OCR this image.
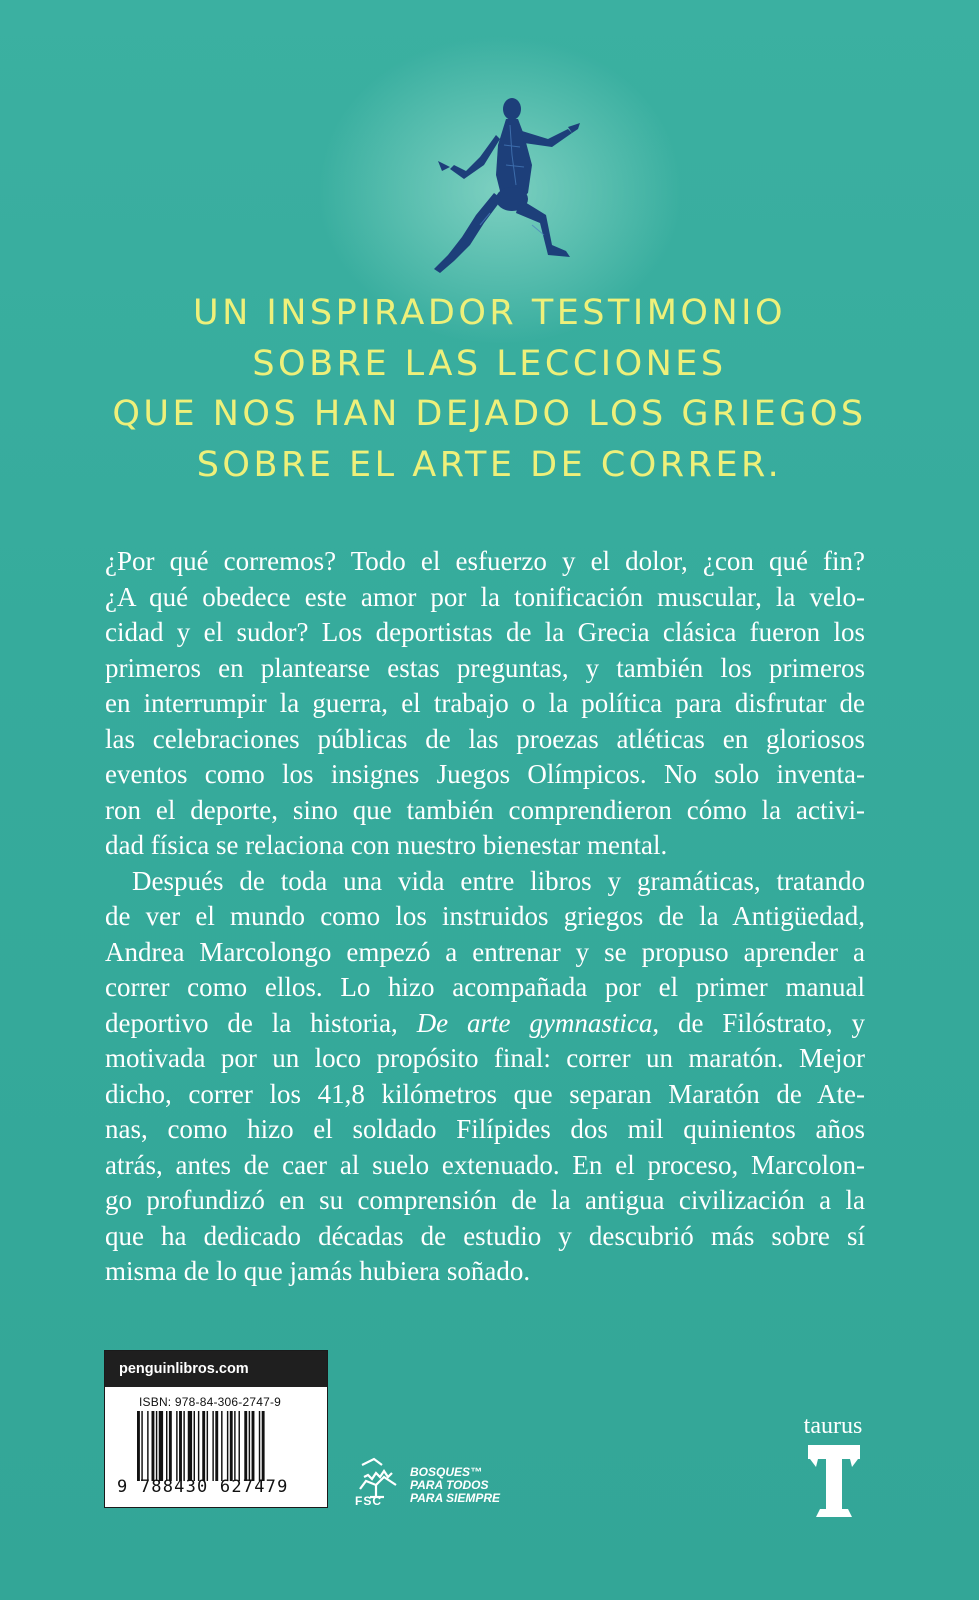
UN INSPIRADOR TESTIMONIO
SOBRE LAS LECCIONES
QUE NOS HAN DEJADO LOS GRIEGOS
SOBRE EL ARTE DE CORRER.

¿Por qué corremos? Todo el esfuerzo y el dolor, ¿con qué fin?
¿A qué obedece este amor por la tonificación muscular, la velo-
cidad y el sudor? Los deportistas de la Grecia clásica fueron los
primeros en plantearse estas preguntas, y también los primeros
en interrumpir la guerra, el trabajo o la política para disfrutar de
las celebraciones públicas de las proezas atléticas en gloriosos
eventos como los insignes Juegos Olímpicos. No solo inventa-
ron el deporte, sino que también comprendieron cómo la activi-
dad física se relaciona con nuestro bienestar mental.

Después de toda una vida entre libros y gramáticas, tratando
de ver el mundo como los instruidos griegos de la Antigüedad,
Andrea Marcolongo empezó a entrenar y se propuso aprender a
correr como ellos. Lo hizo acompañada por el primer manual
deportivo de la historia, De arte gymnastica, de Filóstrato, y
motivada por un loco propósito final: correr un maratón. Mejor
dicho, correr los 41,8 kilómetros que separan Maratón de Ate-
nas, como hizo el soldado Filípides dos mil quinientos años
atrás, antes de caer al suelo extenuado. En el proceso, Marcolon-
go profundizó en su comprensión de la antigua civilización a la
que ha dedicado décadas de estudio y descubrió más sobre sí
misma de lo que jamás hubiera soñado.

penguinlibros.com
ISBN: 978-84-306-2747-9
9 788430 627479
FSC
BOSQUES™
PARA TODOS
PARA SIEMPRE
taurus
